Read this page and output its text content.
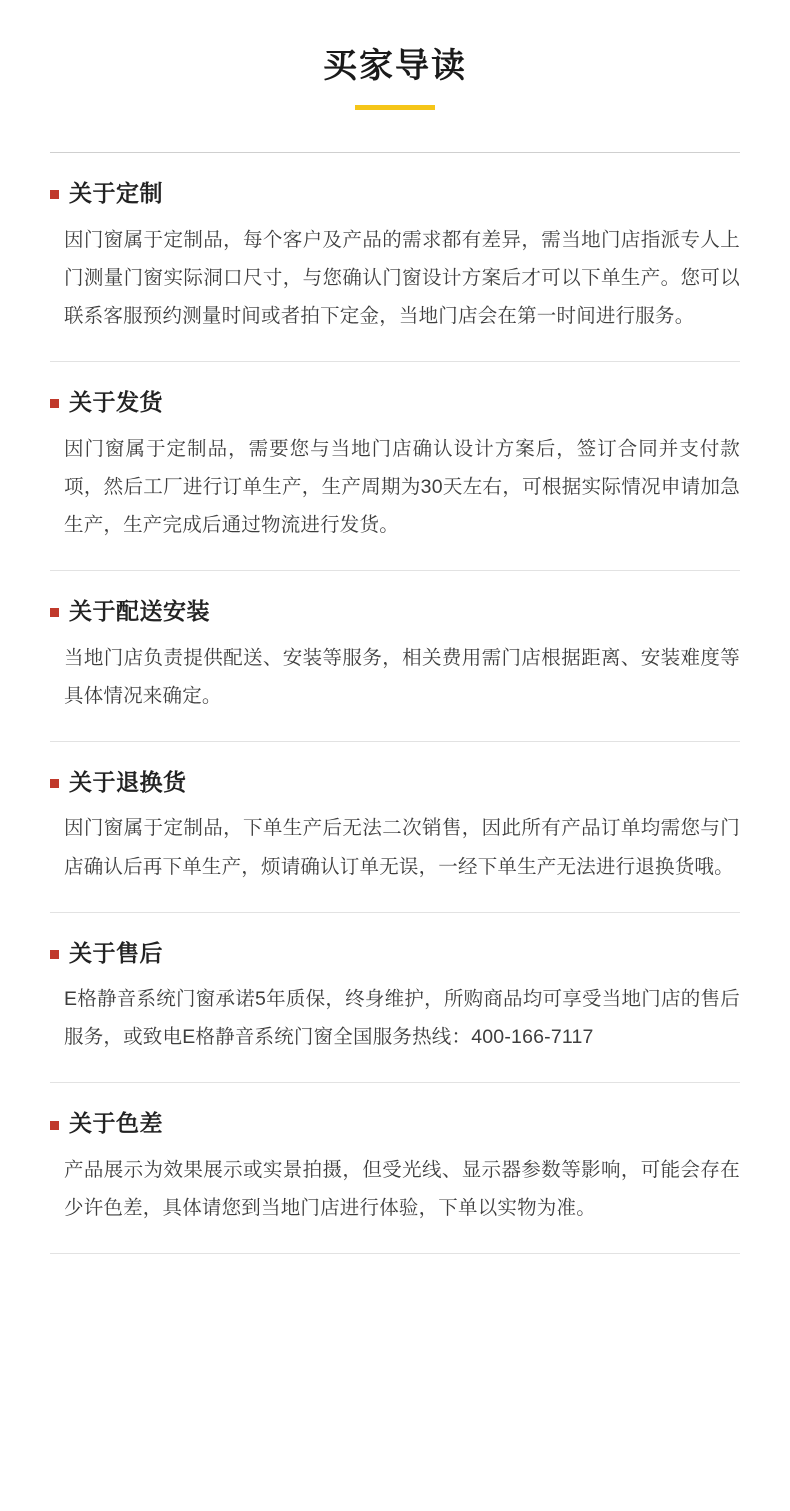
买家导读
关于定制
因门窗属于定制品，每个客户及产品的需求都有差异，需当地门店指派专人上门测量门窗实际洞口尺寸，与您确认门窗设计方案后才可以下单生产。您可以联系客服预约测量时间或者拍下定金，当地门店会在第一时间进行服务。
关于发货
因门窗属于定制品，需要您与当地门店确认设计方案后，签订合同并支付款项，然后工厂进行订单生产，生产周期为30天左右，可根据实际情况申请加急生产，生产完成后通过物流进行发货。
关于配送安装
当地门店负责提供配送、安装等服务，相关费用需门店根据距离、安装难度等具体情况来确定。
关于退换货
因门窗属于定制品，下单生产后无法二次销售，因此所有产品订单均需您与门店确认后再下单生产，烦请确认订单无误，一经下单生产无法进行退换货哦。
关于售后
E格静音系统门窗承诺5年质保，终身维护，所购商品均可享受当地门店的售后服务，或致电E格静音系统门窗全国服务热线：400-166-7117
关于色差
产品展示为效果展示或实景拍摄，但受光线、显示器参数等影响，可能会存在少许色差，具体请您到当地门店进行体验，下单以实物为准。
